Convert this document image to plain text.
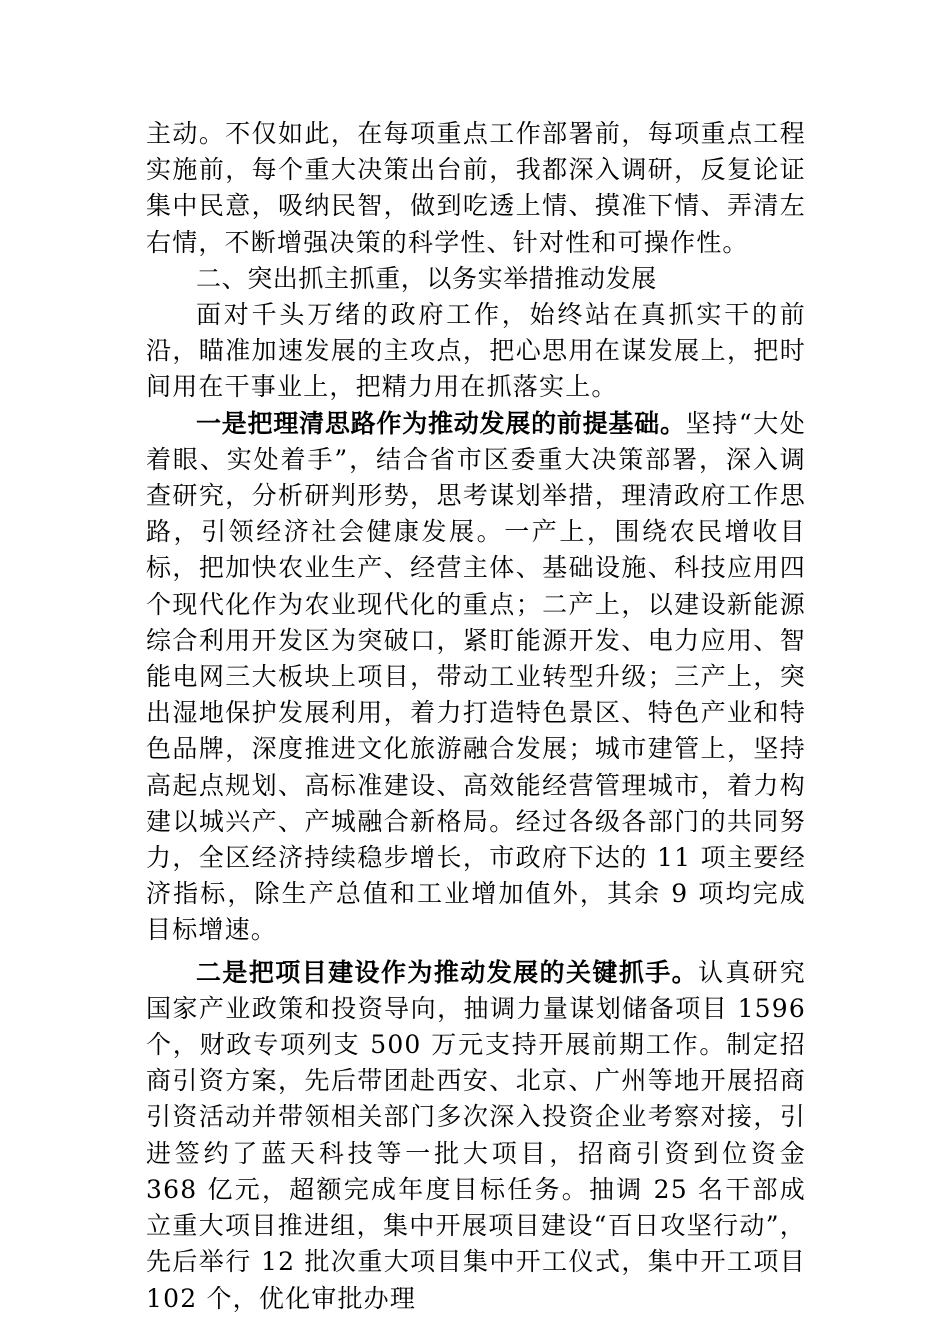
主动。不仅如此，在每项重点工作部署前，每项重点工程实施前，每个重大决策出台前，我都深入调研，反复论证集中民意，吸纳民智，做到吃透上情、摸准下情、弄清左右情，不断增强决策的科学性、针对性和可操作性。

二、突出抓主抓重，以务实举措推动发展

面对千头万绪的政府工作，始终站在真抓实干的前沿，瞄准加速发展的主攻点，把心思用在谋发展上，把时间用在干事业上，把精力用在抓落实上。

一是把理清思路作为推动发展的前提基础。坚持“大处着眼、实处着手”，结合省市区委重大决策部署，深入调查研究，分析研判形势，思考谋划举措，理清政府工作思路，引领经济社会健康发展。一产上，围绕农民增收目标，把加快农业生产、经营主体、基础设施、科技应用四个现代化作为农业现代化的重点；二产上，以建设新能源综合利用开发区为突破口，紧盯能源开发、电力应用、智能电网三大板块上项目，带动工业转型升级；三产上，突出湿地保护发展利用，着力打造特色景区、特色产业和特色品牌，深度推进文化旅游融合发展；城市建管上，坚持高起点规划、高标准建设、高效能经营管理城市，着力构建以城兴产、产城融合新格局。经过各级各部门的共同努力，全区经济持续稳步增长，市政府下达的 11 项主要经济指标，除生产总值和工业增加值外，其余 9 项均完成目标增速。

二是把项目建设作为推动发展的关键抓手。认真研究国家产业政策和投资导向，抽调力量谋划储备项目 1596 个，财政专项列支 500 万元支持开展前期工作。制定招商引资方案，先后带团赴西安、北京、广州等地开展招商引资活动并带领相关部门多次深入投资企业考察对接，引进签约了蓝天科技等一批大项目，招商引资到位资金 368 亿元，超额完成年度目标任务。抽调 25 名干部成立重大项目推进组，集中开展项目建设“百日攻坚行动”，先后举行 12 批次重大项目集中开工仪式，集中开工项目 102 个，优化审批办理
